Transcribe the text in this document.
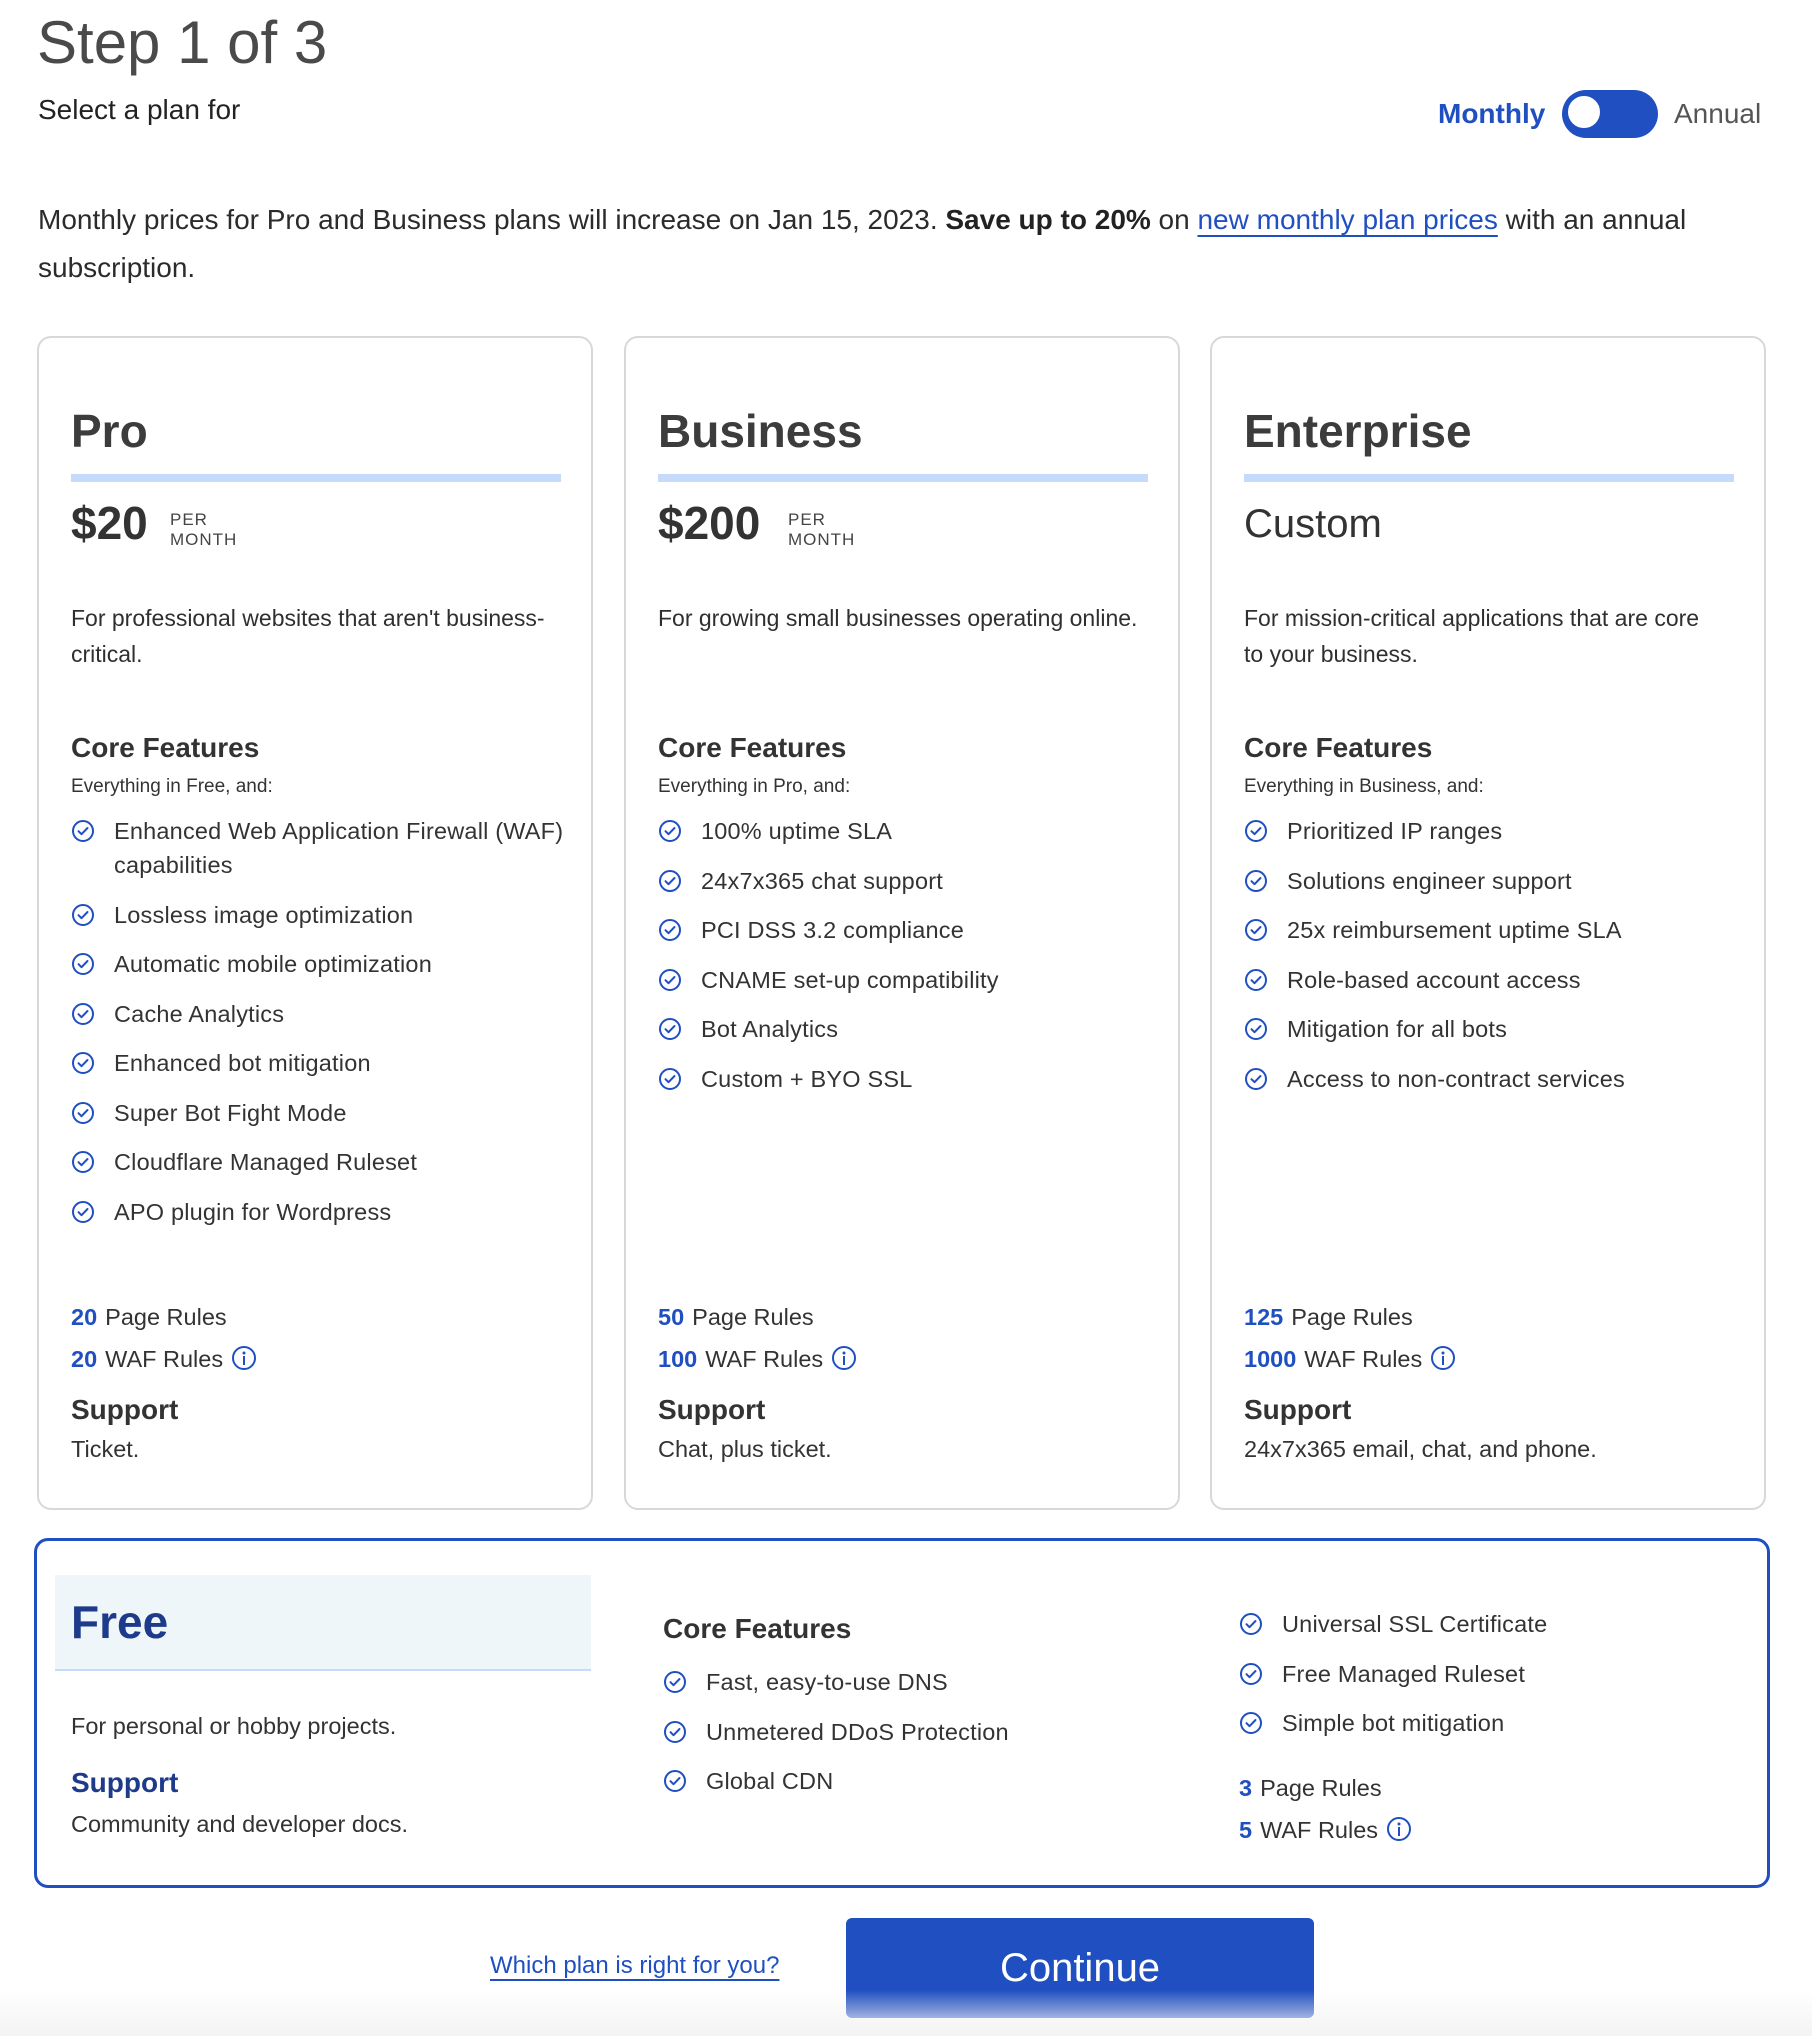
Step 1 of 3
Select a plan for	Monthly	Annual
Monthly prices for Pro and Business plans will increase on Jan 15, 2023. Save up to 20% on new monthly plan prices with an annual subscription.
Pro
$20 PER
MONTH
For professional websites that aren't business-critical.
Core Features
Everything in Free, and:
Enhanced Web Application Firewall (WAF) capabilities
Lossless image optimization
Automatic mobile optimization
Cache Analytics
Enhanced bot mitigation
Super Bot Fight Mode
Cloudflare Managed Ruleset
APO plugin for Wordpress
20 Page Rules
20 WAF Rules
Support
Ticket.
Business
$200 PER
MONTH
For growing small businesses operating online.
Core Features
Everything in Pro, and:
100% uptime SLA
24x7x365 chat support
PCI DSS 3.2 compliance
CNAME set-up compatibility
Bot Analytics
Custom + BYO SSL
50 Page Rules
100 WAF Rules
Support
Chat, plus ticket.
Enterprise
Custom
For mission-critical applications that are core to your business.
Core Features
Everything in Business, and:
Prioritized IP ranges
Solutions engineer support
25x reimbursement uptime SLA
Role-based account access
Mitigation for all bots
Access to non-contract services
125 Page Rules
1000 WAF Rules
Support
24x7x365 email, chat, and phone.
Free
For personal or hobby projects.
Support
Community and developer docs.
Core Features
Fast, easy-to-use DNS
Unmetered DDoS Protection
Global CDN
Universal SSL Certificate
Free Managed Ruleset
Simple bot mitigation
3 Page Rules
5 WAF Rules
Which plan is right for you?	Continue
